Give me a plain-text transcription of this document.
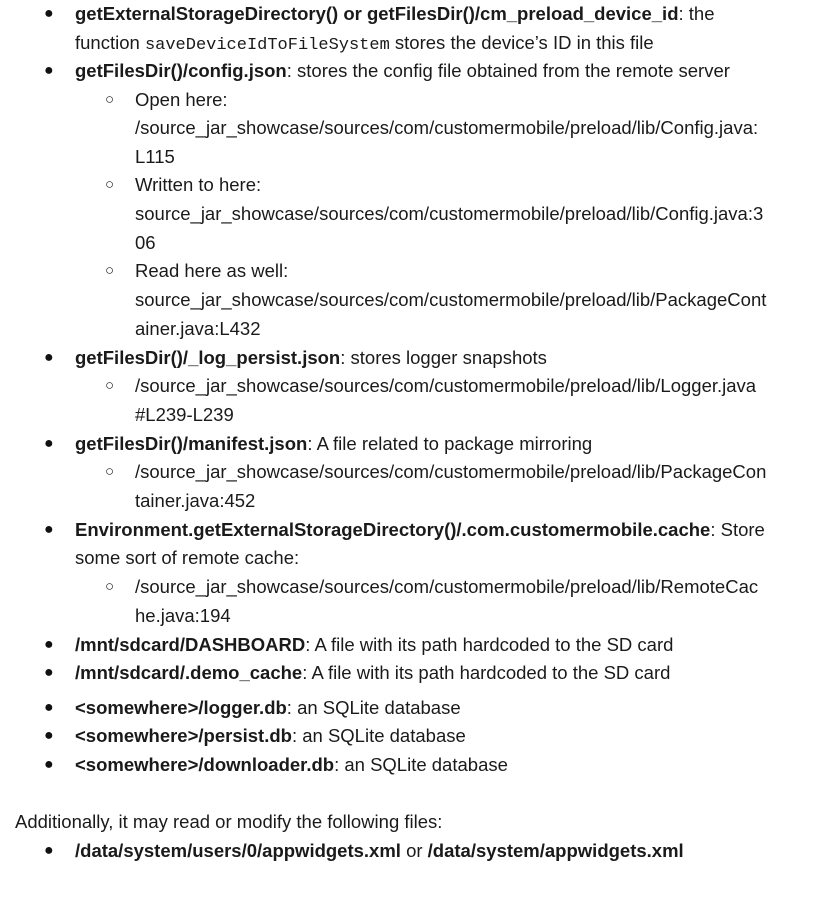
● getExternalStorageDirectory() or getFilesDir()/cm_preload_device_id: the
function saveDeviceIdToFileSystem stores the device’s ID in this file
● getFilesDir()/config.json: stores the config file obtained from the remote server
○ Open here:
/source_jar_showcase/sources/com/customermobile/preload/lib/Config.java:
L115
○ Written to here:
source_jar_showcase/sources/com/customermobile/preload/lib/Config.java:3
06
○ Read here as well:
source_jar_showcase/sources/com/customermobile/preload/lib/PackageCont
ainer.java:L432
● getFilesDir()/_log_persist.json: stores logger snapshots
○ /source_jar_showcase/sources/com/customermobile/preload/lib/Logger.java
#L239-L239
● getFilesDir()/manifest.json: A file related to package mirroring
○ /source_jar_showcase/sources/com/customermobile/preload/lib/PackageCon
tainer.java:452
● Environment.getExternalStorageDirectory()/.com.customermobile.cache: Store
some sort of remote cache:
○ /source_jar_showcase/sources/com/customermobile/preload/lib/RemoteCac
he.java:194
● /mnt/sdcard/DASHBOARD: A file with its path hardcoded to the SD card
● /mnt/sdcard/.demo_cache: A file with its path hardcoded to the SD card
● <somewhere>/logger.db: an SQLite database
● <somewhere>/persist.db: an SQLite database
● <somewhere>/downloader.db: an SQLite database
Additionally, it may read or modify the following files:
● /data/system/users/0/appwidgets.xml or /data/system/appwidgets.xml
